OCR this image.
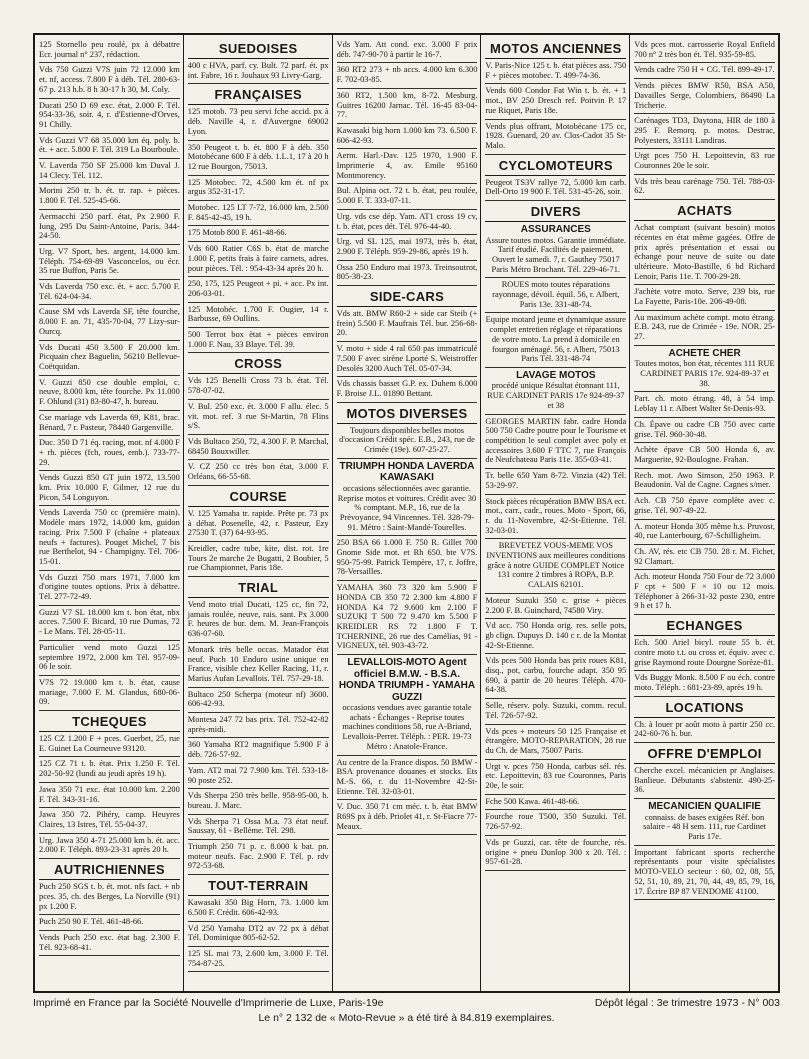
125 Stornello peu roulé, px à débattre Ecr. journal n° 237, rédaction.
Vds 750 Guzzi V7S juin 72 12.000 km et. nf, access. 7.800 F à déb. Tél. 280-63-67 p. 213 h.b. 8 h 30-17 h 30, M. Coly.
Ducati 250 D 69 exc. état, 2.000 F. Tél. 954-33-36, soir. 4, r. d'Estienne-d'Orves, 91 Chilly.
Vds Guzzi V7 68 35.000 km éq. poly. b. ét. + acc. 5.800 F. Tél. 319 La Bourboule.
V. Laverda 750 SF 25.000 km Duval J. 14 Clecy. Tél. 112.
Morini 250 tr. b. ét. tr. rap. + pièces. 1.800 F. Tél. 525-45-66.
Aermacchi 250 parf. état, Px 2.900 F. Iung, 295 Du Saint-Antoine, Paris. 344-24-50.
Urg. V7 Sport, bes. argent, 14.000 km. Téléph. 754-69-89 Vasconcelos, ou écr. 35 rue Buffon, Paris 5e.
Vds Laverda 750 exc. ét. + acc. 5.700 F. Tél. 624-04-34.
Cause SM vds Laverda SF, tête fourche, 8.000 F. an. 71, 435-70-04, 77 Lizy-sur-Ourcq.
Vds Ducati 450 3.500 F 20.000 km. Picquain chez Baguelin, 56210 Bellevue-Coëtquidan.
V. Guzzi 850 cse double emploi, c. neuve, 8.000 km, tête fourche. Px 11.000 F. Ohlund (31) 83-80-47, h. bureau.
Cse mariage vds Laverda 69, K81, brac. Bénard, 7 r. Pasteur, 78440 Gargenville.
Duc. 350 D 71 éq. racing, mot. nf 4.000 F + rh. pièces (fch, roues, emb.). 733-77-29.
Vends Guzzi 850 GT juin 1972, 13.500 km. Prix 10.000 F, Gilmer, 12 rue du Picon, 54 Longuyon.
Vends Laverda 750 cc (première main). Modèle mars 1972, 14.000 km, guidon racing. Prix 7.500 F (chaîne + plateaux neufs + factures). Pouget Michel, 7 bis rue Berthelot, 94 - Champigny. Tél. 706-15-01.
Vds Guzzi 750 mars 1971, 7.000 km d'origine toutes options. Prix à débattre. Tél. 277-72-49.
Guzzi V7 SL 18.000 km t. bon état, nbx acces. 7.500 F. Bicard, 10 rue Dumas, 72 - Le Mans. Tél. 28-05-11.
Particulier vend moto Guzzi 125 septembre 1972, 2.000 km Tél. 957-09-06 le soir.
V7S 72 19.000 km t. b. état, cause mariage, 7.000 F. M. Glandus, 680-06-09.
TCHEQUES
125 CZ 1.200 F + pces. Guerbet, 25, rue E. Guinet La Courneuve 93120.
125 CZ 71 t. b. état. Prix 1.250 F. Tél. 202-50-92 (lundi au jeudi après 19 h).
Jawa 350 71 exc. état 10.000 km. 2.200 F. Tél. 343-31-16.
Jawa 350 72. Pihéry, camp. Heuyres Claires, 13 Istres, Tél. 55-04-37.
Urg. Jawa 350 4-71 25.000 km b. ét. acc. 2.000 F. Téléph. 893-23-31 après 20 h.
AUTRICHIENNES
Puch 250 SGS t. b. ét. mot. nfs fact. + nb pces. 35, ch. des Berges, La Norville (91) px 1.200 F.
Puch 250 90 F. Tél. 461-48-66.
Vends Puch 250 exc. état bag. 2.300 F. Tél. 923-68-41.
SUEDOISES
400 c HVA, parf. cy. Bult. 72 parf. ét. px int. Fabre, 16 r. Jouhaux 93 Livry-Garg.
FRANÇAISES
125 motob. 73 peu servi fche accid. px à déb. Naville 4, r. d'Auvergne 69002 Lyon.
350 Peugeot t. b. ét. 800 F à déb. 350 Motobécane 600 F à déb. 1.L.1, 17 à 20 h 12 rue Bourgon, 75013.
125 Motobec. 72, 4.500 km ét. nf px argus 352-31-17.
Motobec. 125 LT 7-72, 16.000 km, 2.500 F. 845-42-45, 19 h.
175 Motob 800 F. 461-48-66.
Vds 600 Ratier C6S b. état de marche 1.000 F, petits frais à faire carnets, adres. pour pièces. Tél. : 954-43-34 après 20 h.
250, 175, 125 Peugeot + pi. + acc. Px int. 206-03-01.
125 Motobéc. 1.700 F. Ougier, 14 r. Barbusse, 69 Oullins.
500 Terrot box ètat + pièces environ 1.000 F. Nau, 33 Blaye. Tél. 39.
CROSS
Vds 125 Benelli Cross 73 b. état. Tél. 578-07-02.
V. Bul. 250 exc. ét. 3.000 F allu. élec. 5 vit. mot. ref. 3 rue St-Martin, 78 Flins s/S.
Vds Bultaco 250, 72, 4.300 F. P. Marchal, 68450 Bouxwiller.
V. CZ 250 cc très bon état, 3.000 F. Orléans, 66-55-68.
COURSE
V. 125 Yamaha tr. rapide. Prête pr. 73 px à débat. Posenelle, 42, r. Pasteur, Ezy 27530 T. (37) 64-93-95.
Kreidler, cadre tube, kite, dist. rot. 1re Tours 2e marche 2e Bugatti, 2 Boubier, 5 rue Championnet, Paris 18e.
TRIAL
Vend moto trial Ducati, 125 cc, fin 72, jamais roulée, neuve, rais. sant. Px 3.000 F. heures de bur. dem. M. Jean-François 636-07-60.
Monark très belle occas. Matador état neuf. Puch 10 Enduro usine unique en France, visible chez Keller Racing, 11, r. Marius Aufan Levallois. Tél. 757-29-18.
Bultaco 250 Scherpa (moteur nf) 3600. 606-42-93.
Montesa 247 72 bas prix. Tél. 752-42-82 après-midi.
360 Yamaha RT2 magnifique 5.900 F à déb. 726-57-92.
Yam. AT2 mai 72 7.900 km. Tél. 533-18-90 poste 252.
Vds Sherpa 250 très belle. 958-95-00, h. bureau. J. Marc.
Vds Sherpa 71 Ossa M.a. 73 état neuf. Saussay, 61 - Bellème. Tél. 298.
Triumph 250 71 p. c. 8.000 k bat. pn. moteur neufs. Fac. 2.900 F. Tél. p. rdv 972-53-68.
TOUT-TERRAIN
Kawasaki 350 Big Horn, 73. 1.000 km 6.500 F. Crédit. 606-42-93.
Vd 250 Yamaha DT2 av 72 px à débat Tél. Dominique 805-62-52.
125 SL mai 73, 2.600 km, 3.000 F. Tél. 754-87-25.
Vds Yam. Att cond. exc. 3.000 F prix déb. 747-90-70 à partir le 16-7.
360 RT2 273 + nb accs. 4.000 km 6.300 F. 702-03-85.
360 RT2, 1.500 km, 8-72. Mesburg. Guitres 16200 Jarnac. Tél. 16-45 83-04-77.
Kawasaki big horn 1.000 km 73. 6.500 F. 606-42-93.
Aerm. Harl.-Dav. 125 1970, 1.900 F. Imprimerie 4, av. Emile 95160 Montmorency.
Bul. Alpina oct. 72 t. b. état, peu roulée, 5.000 F. T. 333-07-11.
Urg. vds cse dép. Yam. AT1 cross 19 cv, t. b. état, pces dét. Tél. 976-44-40.
Urg. vd SL 125, mai 1973, très b. état, 2.900 F. Téléph. 959-29-86, après 19 h.
Ossa 250 Enduro mai 1973. Treinsoutrot, 805-38-23.
SIDE-CARS
Vds att. BMW R60-2 + side car Steib (+ frein) 5.500 F. Maufrais Tél. bur. 256-68-20.
V. moto + side 4 ral 650 pas immatriculé 7.500 F avec sirène Lporté S. Weistroffer Desolés 3200 Auch Tél. 05-07-34.
Vds chassis basset G.P. ex. Duhem 6.000 F. Broise J.L. 01890 Bettant.
MOTOS DIVERSES
Toujours disponibles belles motos d'occasion Crédit spéc. E.B., 243, rue de Crimée (19e). 607-25-27.
TRIUMPH HONDA LAVERDA KAWASAKI
occasions sélectionnées avec garantie. Reprise motos et voitures. Crédit avec 30 % comptant. M.P., 16, rue de la Prévoyance, 94 Vincennes. Tél. 328-79-91. Métro : Saint-Mandé-Tourelles.
250 BSA 66 1.000 F. 750 R. Gillet 700 Gnome Side mot. et Rh 650. bte V7S. 950-75-99. Patrick Tempère, 17, r. Joffre, 78-Versailles.
YAMAHA 360 73 320 km 5.900 F HONDA CB 350 72 2.300 km 4.800 F HONDA K4 72 9.600 km 2.100 F SUZUKI T 500 72 9.470 km 5.500 F KREIDLER RS 72 1.800 F T. TCHERNINE, 26 rue des Camélias, 91 - VIGNEUX, tél. 903-43-72.
LEVALLOIS-MOTO Agent officiel B.M.W. - B.S.A. HONDA TRIUMPH - YAMAHA GUZZI
occasions vendues avec garantie totale achats - Échanges - Reprise toutes machines conditions 58, rue A-Briand, Levallois-Perret. Téléph. : PER. 19-73 Métro : Anatole-France.
Au centre de la France dispos. 50 BMW - BSA provenance douanes et stocks. Ets M.-S. 66, r. du 11-Novembre 42-St-Etienne. Tél. 32-03-01.
V. Duc. 350 71 cm méc. t. b. état BMW R69S px à déb. Priolet 41, r. St-Fiacre 77-Meaux.
MOTOS ANCIENNES
V. Paris-Nice 125 t. b. état pièces ass. 750 F + pièces motobec. T. 499-74-36.
Vends 600 Condor Fat Win t. b. ét. + 1 mot., BV 250 Dresch ref. Poitvin P. 17 rue Riquet, Paris 18e.
Vends plus offrant, Motobécane 175 cc, 1928. Guenard, 20 av. Clos-Cadot 35 St-Malo.
CYCLOMOTEURS
Peugeot TS3V rallye 72, 5.000 km carb. Dell-Orto 19 900 F. Tél. 531-45-26, soir.
DIVERS
ASSURANCES
Assure toutes motos. Garantie immédiate. Tarif étudié. Facilités de paiement. Ouvert le samedi. 7, r. Gauthey 75017 Paris Métro Brochant. Tél. 229-46-71.
ROUES moto toutes réparations rayonnage, dévoil. équil. 56, r. Albert, Paris 13e. 331-48-74.
Equipe motard jeune et dynamique assure complet entretien réglage et réparations de votre moto. La prend à domicile en fourgon aménagé. 56, r. Albert, 75013 Paris Tél. 331-48-74
LAVAGE MOTOS
procédé unique Résultat étonnant 111, RUE CARDINET PARIS 17e 924-89-37 et 38
GEORGES MARTIN fabr. cadre Honda 500 750 Cadre poutre pour le Tourisme et compétition le seul complet avec poly et accessoires 3.600 F TTC 7, rue François de Neufchateau Paris 11e. 355-03-41.
Tr. belle 650 Yam 8-72. Vinzia (42) Tél. 53-29-97.
Stock pièces récupération BMW BSA ect. mot., carr., cadr., roues. Moto - Sport, 66, r. du 11-Novembre, 42-St-Etienne. Tél. 32-03-01.
BREVETEZ VOUS-MEME VOS INVENTIONS aux meilleures conditions grâce à notre GUIDE COMPLET Notice 131 contre 2 timbres à ROPA, B.P. CALAIS 62101.
Moteur Suzuki 350 c. grise + pièces 2.200 F. B. Guinchard, 74580 Viry.
Vd acc. 750 Honda orig. res. selle pots, gb clign. Dupuys D. 140 c r. de la Montat 42-St-Etienne.
Vds pces 500 Honda bas prix roues K81, disq., pot, carbu, fourche adapt. 350 95 690, à partir de 20 heures Téléph. 470-64-38.
Selle, réserv. poly. Suzuki, comm. recul. Tél. 726-57-92.
Vds pces + moteurs 50 125 Française et étrangère. MOTO-REPARATION, 28 rue du Ch. de Mars, 75007 Paris.
Urgt v. pces 750 Honda, carbus sél. rés. etc. Lepoittevin, 83 rue Couronnes, Paris 20e, le soir.
Fche 500 Kawa. 461-48-66.
Fourche roue T500, 350 Suzuki. Tél. 726-57-92.
Vds pr Guzzi, car. tête de fourche, rés. origine + pneu Dunlop 300 x 20. Tél. : 957-61-28.
Vds pces mot. carrosserie Royal Enfield 700 n° 2 très bon ét. Tél. 935-59-85.
Vends cadre 750 H + CG. Tél. 899-49-17.
Vends pièces BMW R50, BSA A50, Davailles Serge, Colombiers, 86490 La Tricherie.
Carénages TD3, Daytona, HIR de 180 à 295 F. Remorq. p. motos. Destrac, Polyesters, 33111 Landiras.
Urgt pces 750 H. Lepoittevin, 83 rue Couronnes 20e le soir.
Vds très beau carénage 750. Tél. 788-03-62.
ACHATS
Achat comptant (suivant besoin) motos récentes en état même gagées. Offre de prix après présentation et essai ou échange pour neuve de suite ou date ultérieure. Moto-Bastille, 6 bd Richard Lenoir, Paris 11e. T. 700-29-28.
J'achète votre moto. Serve, 239 bis, rue La Fayette, Paris-10e. 206-49-08.
Au maximum achète compt. moto étrang. E.B. 243, rue de Crimée - 19e. NOR. 25-27.
ACHETE CHER
Toutes motos, bon état, récentes 111 RUE CARDINET PARIS 17e. 924-89-37 et 38.
Part. ch. moto étrang. 48, à 54 imp. Leblay 11 r. Albert Walter St-Denis-93.
Ch. Épave ou cadre CB 750 avec carte grise. Tél. 960-30-48.
Achète épave CB 500 Honda 6, av. Marguerite, 92-Boulogne. Frahan.
Rech. mot. Awo Simson, 250 1963. P. Beaudonin. Val de Cagne. Cagnes s/mer.
Ach. CB 750 épave complète avec c. grise. Tél. 907-49-22.
A. moteur Honda 305 même h.s. Pruvost, 40, rue Lanterbourg, 67-Schilligheim.
Ch. AV, rés. etc CB 750. 28 r. M. Fichet, 92 Clamart.
Ach. moteur Honda 750 Four de 72 3.000 F cpt + 500 F × 10 ou 12 mois. Téléphoner à 266-31-32 poste 230, entre 9 h et 17 h.
ECHANGES
Ech. 500 Ariel bicyl. route 55 b. ét. contre moto t.t. ou cross et. équiv. avec c. grise Raymond route Dourgne Sorèze-81.
Vds Buggy Monk. 8.500 F ou éch. contre moto. Téléph. : 681-23-89, après 19 h.
LOCATIONS
Ch. à louer pr août moto à partir 250 cc. 242-60-76 h. bur.
OFFRE D'EMPLOI
Cherche excel. mécanicien pr Anglaises. Banlieue. Débutants s'abstenir. 490-25-36.
MECANICIEN QUALIFIE
connaiss. de bases exigées Réf. bon salaire - 48 H sem. 111, rue Cardinet Paris 17e.
Important fabricant sports recherche représentants pour visite spécialistes MOTO-VELO secteur : 60, 02, 08, 55, 52, 51, 10, 89, 21, 70, 44, 49, 85, 79, 16, 17. Écrire BP 87 VENDOME 41100.
Imprimé en France par la Société Nouvelle d'Imprimerie de Luxe, Paris-19e	Dépôt légal : 3e trimestre 1973 - N° 003
Le n° 2 132 de « Moto-Revue » a été tiré à 84.819 exemplaires.
